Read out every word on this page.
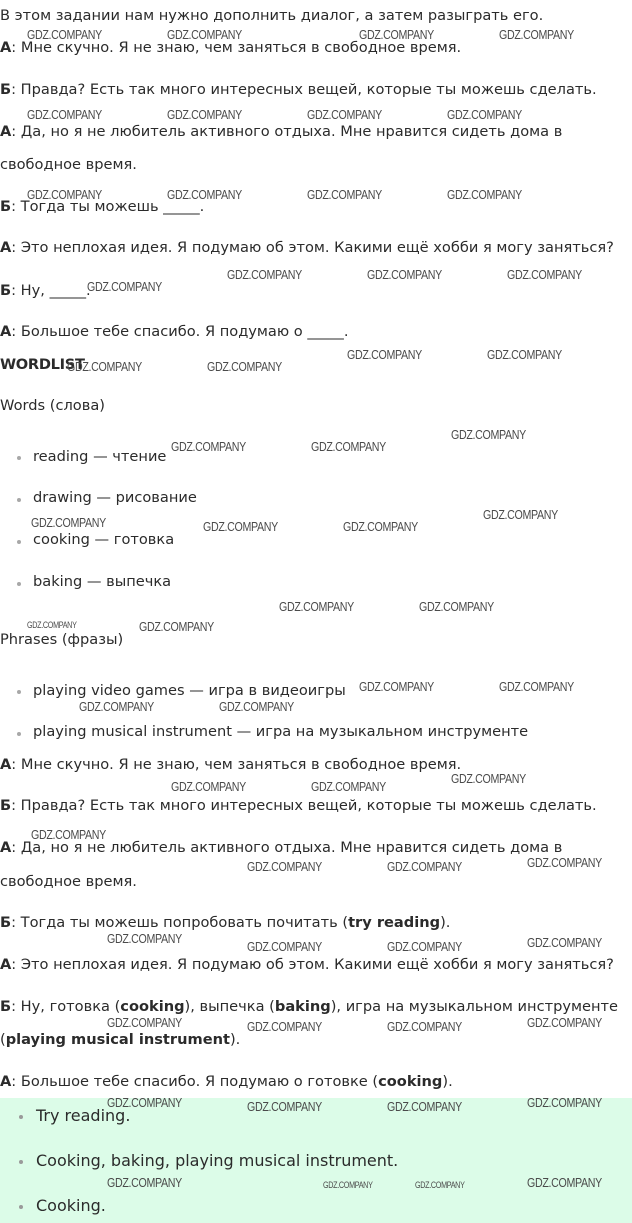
В этом задании нам нужно дополнить диалог, а затем разыграть его.
А: Мне скучно. Я не знаю, чем заняться в свободное время.
Б: Правда? Есть так много интересных вещей, которые ты можешь сделать.
А: Да, но я не любитель активного отдыха. Мне нравится сидеть дома в
свободное время.
Б: Тогда ты можешь _____.
А: Это неплохая идея. Я подумаю об этом. Какими ещё хобби я могу заняться?
Б: Ну, _____.
А: Большое тебе спасибо. Я подумаю о _____.
WORDLIST
Words (слова)
reading — чтение
drawing — рисование
cooking — готовка
baking — выпечка
Phrases (фразы)
playing video games — игра в видеоигры
playing musical instrument — игра на музыкальном инструменте
А: Мне скучно. Я не знаю, чем заняться в свободное время.
Б: Правда? Есть так много интересных вещей, которые ты можешь сделать.
А: Да, но я не любитель активного отдыха. Мне нравится сидеть дома в
свободное время.
Б: Тогда ты можешь попробовать почитать (try reading).
А: Это неплохая идея. Я подумаю об этом. Какими ещё хобби я могу заняться?
Б: Ну, готовка (cooking), выпечка (baking), игра на музыкальном инструменте
(playing musical instrument).
А: Большое тебе спасибо. Я подумаю о готовке (cooking).
Try reading.
Cooking, baking, playing musical instrument.
Cooking.
GDZ.COMPANY	GDZ.COMPANY	GDZ.COMPANY	GDZ.COMPANY
GDZ.COMPANY	GDZ.COMPANY	GDZ.COMPANY	GDZ.COMPANY
GDZ.COMPANY	GDZ.COMPANY	GDZ.COMPANY	GDZ.COMPANY
GDZ.COMPANY	GDZ.COMPANY	GDZ.COMPANY
GDZ.COMPANY
GDZ.COMPANY	GDZ.COMPANY
GDZ.COMPANY	GDZ.COMPANY
GDZ.COMPANY
GDZ.COMPANY	GDZ.COMPANY
GDZ.COMPANY
GDZ.COMPANY	GDZ.COMPANY	GDZ.COMPANY
GDZ.COMPANY	GDZ.COMPANY
GDZ.COMPANY	GDZ.COMPANY
GDZ.COMPANY	GDZ.COMPANY
GDZ.COMPANY	GDZ.COMPANY
GDZ.COMPANY
GDZ.COMPANY	GDZ.COMPANY
GDZ.COMPANY
GDZ.COMPANY
GDZ.COMPANY	GDZ.COMPANY
GDZ.COMPANY	GDZ.COMPANY
GDZ.COMPANY	GDZ.COMPANY
GDZ.COMPANY	GDZ.COMPANY
GDZ.COMPANY	GDZ.COMPANY
GDZ.COMPANY	GDZ.COMPANY
GDZ.COMPANY	GDZ.COMPANY
GDZ.COMPANY	GDZ.COMPANY
GDZ.COMPANY	GDZ.COMPANY
